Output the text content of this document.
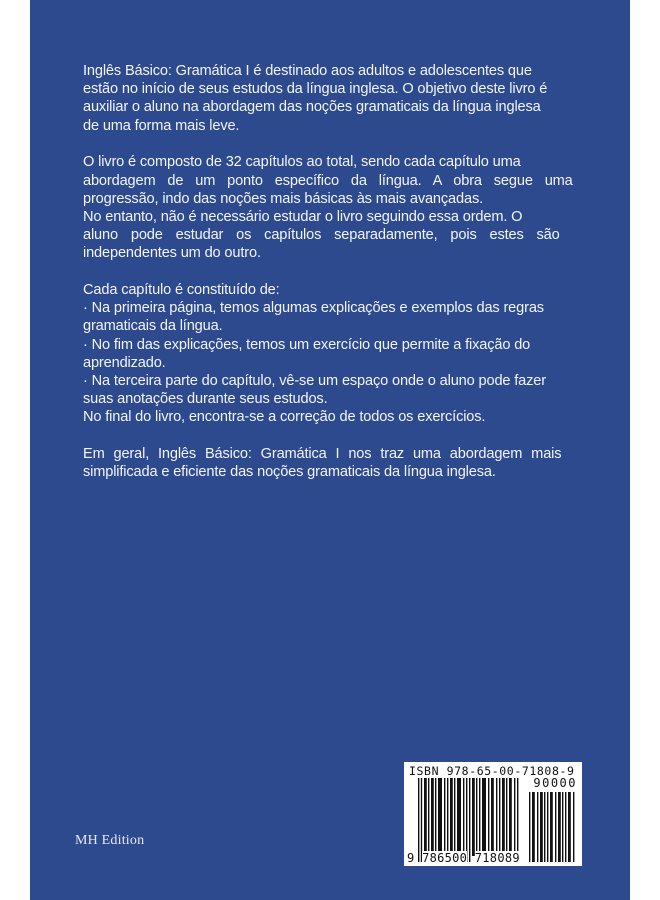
Inglês Básico: Gramática I é destinado aos adultos e adolescentes que

estão no início de seus estudos da língua inglesa. O objetivo deste livro é

auxiliar o aluno na abordagem das noções gramaticais da língua inglesa

de uma forma mais leve.

O livro é composto de 32 capítulos ao total, sendo cada capítulo uma

abordagem de um ponto específico da língua. A obra segue uma

progressão, indo das noções mais básicas às mais avançadas.

No entanto, não é necessário estudar o livro seguindo essa ordem. O

aluno pode estudar os capítulos separadamente, pois estes são

independentes um do outro.

Cada capítulo é constituído de:

· Na primeira página, temos algumas explicações e exemplos das regras

gramaticais da língua.

· No fim das explicações, temos um exercício que permite a fixação do

aprendizado.

· Na terceira parte do capítulo, vê-se um espaço onde o aluno pode fazer

suas anotações durante seus estudos.

No final do livro, encontra-se a correção de todos os exercícios.

Em geral, Inglês Básico: Gramática I nos traz uma abordagem mais

simplificada e eficiente das noções gramaticais da língua inglesa.

MH Edition
ISBN 978-65-00-71808-9
90000
9 786500 718089
